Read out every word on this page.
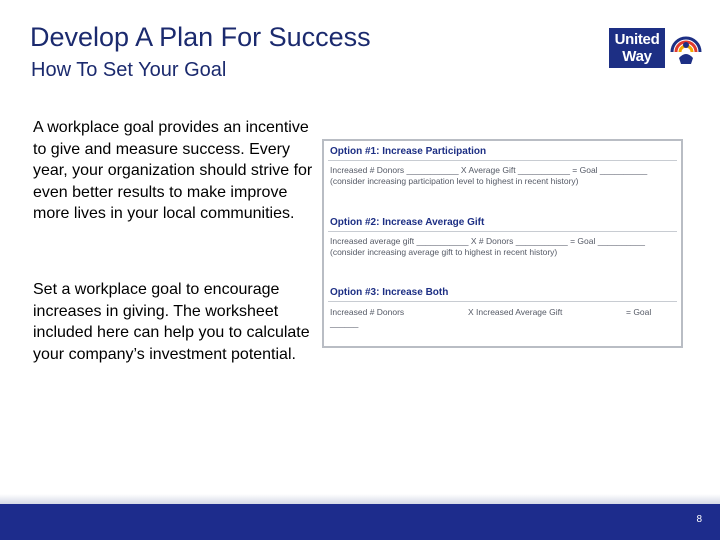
Develop A Plan For Success
How To Set Your Goal
United
Way
A workplace goal provides an incentive to give and measure success. Every year, your organization should strive for even better results to make improve more lives in your local communities.
Set a workplace goal to encourage increases in giving. The worksheet included here can help you to calculate your company’s investment potential.
Option #1: Increase Participation
Increased # Donors ___________ X Average Gift ___________ = Goal __________
(consider increasing participation level to highest in recent history)
Option #2: Increase Average Gift
Increased average gift ___________ X # Donors ___________ = Goal __________
(consider increasing average gift to highest in recent history)
Option #3: Increase Both
Increased # Donors	X Increased Average Gift	= Goal
______
8
